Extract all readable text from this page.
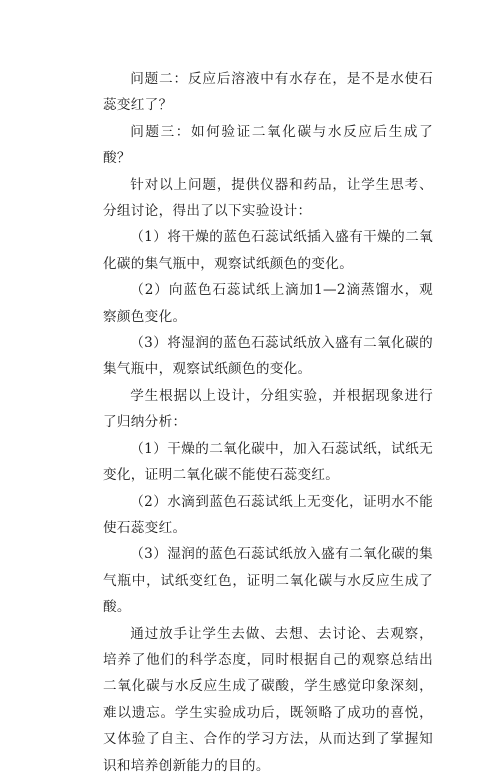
问题二：反应后溶液中有水存在，是不是水使石蕊变红了？

问题三：如何验证二氧化碳与水反应后生成了酸？

针对以上问题，提供仪器和药品，让学生思考、分组讨论，得出了以下实验设计：

（1）将干燥的蓝色石蕊试纸插入盛有干燥的二氧化碳的集气瓶中，观察试纸颜色的变化。

（2）向蓝色石蕊试纸上滴加1—2滴蒸馏水，观察颜色变化。

（3）将湿润的蓝色石蕊试纸放入盛有二氧化碳的集气瓶中，观察试纸颜色的变化。

学生根据以上设计，分组实验，并根据现象进行了归纳分析：

（1）干燥的二氧化碳中，加入石蕊试纸，试纸无变化，证明二氧化碳不能使石蕊变红。

（2）水滴到蓝色石蕊试纸上无变化，证明水不能使石蕊变红。

（3）湿润的蓝色石蕊试纸放入盛有二氧化碳的集气瓶中，试纸变红色，证明二氧化碳与水反应生成了酸。

通过放手让学生去做、去想、去讨论、去观察，培养了他们的科学态度，同时根据自己的观察总结出二氧化碳与水反应生成了碳酸，学生感觉印象深刻，难以遗忘。学生实验成功后，既领略了成功的喜悦，又体验了自主、合作的学习方法，从而达到了掌握知识和培养创新能力的目的。
